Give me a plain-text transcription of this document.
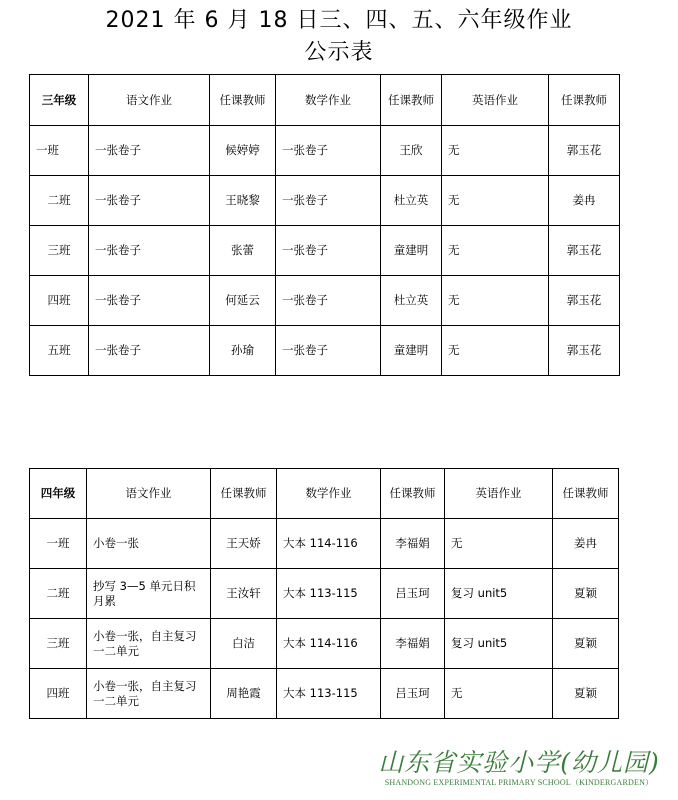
2021 年 6 月 18 日三、四、五、六年级作业
公示表
三年级	语文作业	任课教师	数学作业	任课教师	英语作业	任课教师
一班	一张卷子	候婷婷	一张卷子	王欣	无	郭玉花
二班	一张卷子	王晓黎	一张卷子	杜立英	无	姜冉
三班	一张卷子	张蕾	一张卷子	童建明	无	郭玉花
四班	一张卷子	何延云	一张卷子	杜立英	无	郭玉花
五班	一张卷子	孙瑜	一张卷子	童建明	无	郭玉花
四年级	语文作业	任课教师	数学作业	任课教师	英语作业	任课教师
一班	小卷一张	王天娇	大本 114-116	李福娟	无	姜冉
二班	抄写 3—5 单元日积月累	王汝轩	大本 113-115	吕玉珂	复习 unit5	夏颖
三班	小卷一张，自主复习一二单元	白洁	大本 114-116	李福娟	复习 unit5	夏颖
四班	小卷一张，自主复习一二单元	周艳霞	大本 113-115	吕玉珂	无	夏颖
山东省实验小学(幼儿园)
SHANDONG EXPERIMENTAL PRIMARY SCHOOL（KINDERGARDEN）
